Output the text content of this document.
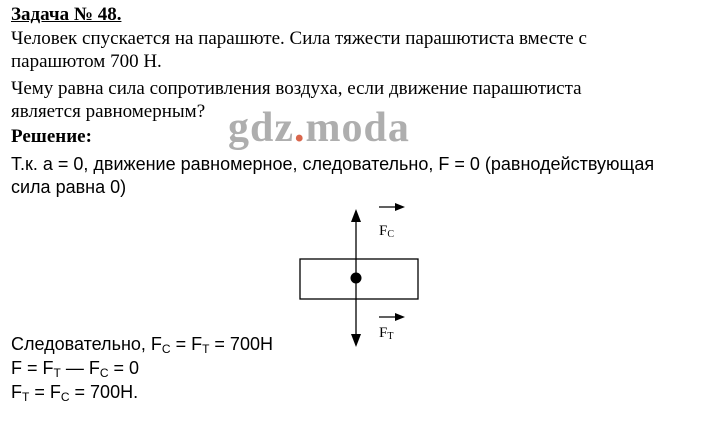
Задача № 48.
Человек спускается на парашюте. Сила тяжести парашютиста вместе с
парашютом 700 Н.
Чему равна сила сопротивления воздуха, если движение парашютиста
является равномерным?
Решение:	gdz.moda
Т.к. a = 0, движение равномерное, следовательно, F = 0 (равнодействующая
сила равна 0)
FC
FT
Следовательно, $F_C = F_T = 700Н$
$F = F_T$ — $F_C = 0$
$F_T = F_C = 700Н$.
